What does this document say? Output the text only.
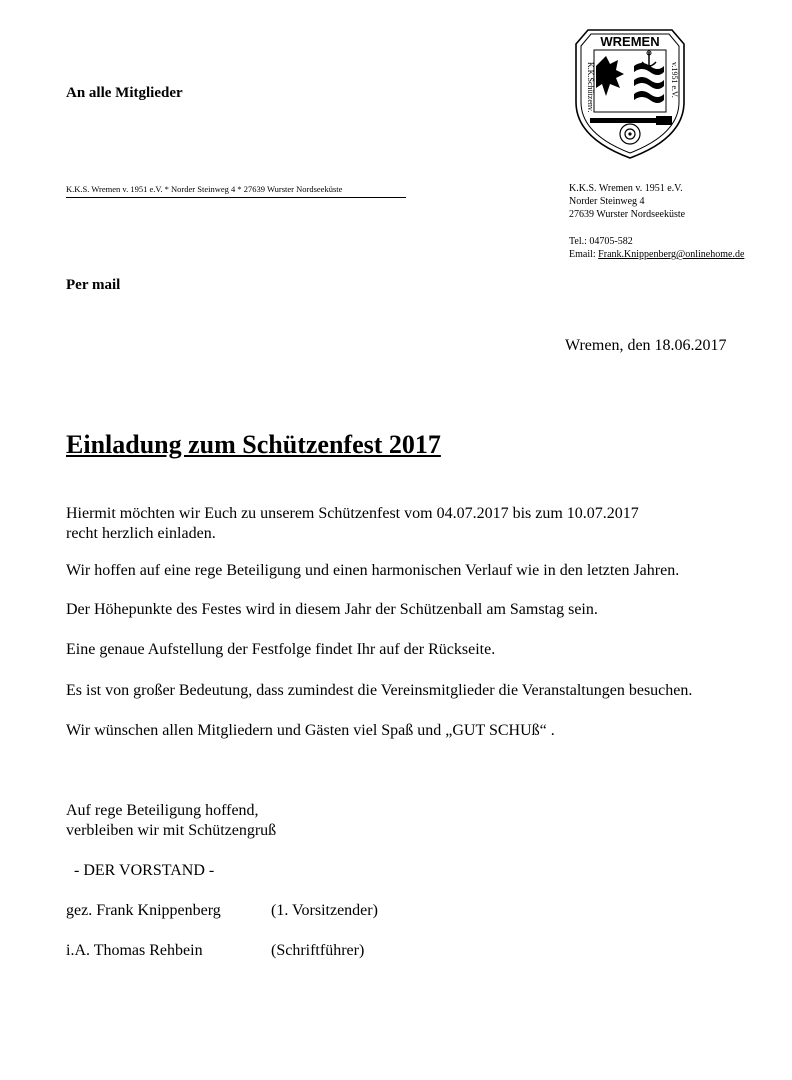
An alle Mitglieder
K.K.S. Wremen v. 1951 e.V. * Norder Steinweg 4 * 27639 Wurster Nordseeküste
WREMEN
K.K.Schützenv.	v.1951 e.V.
K.K.S. Wremen v. 1951 e.V.
Norder Steinweg 4
27639 Wurster Nordseeküste
Tel.: 04705-582
Email: Frank.Knippenberg@onlinehome.de
Per mail
Wremen, den 18.06.2017
Einladung zum Schützenfest 2017
Hiermit möchten wir Euch zu unserem Schützenfest vom 04.07.2017 bis zum 10.07.2017
recht herzlich einladen.
Wir hoffen auf eine rege Beteiligung und einen harmonischen Verlauf wie in den letzten Jahren.
Der Höhepunkte des Festes wird in diesem Jahr der Schützenball am Samstag sein.
Eine genaue Aufstellung der Festfolge findet Ihr auf der Rückseite.
Es ist von großer Bedeutung, dass zumindest die Vereinsmitglieder die Veranstaltungen besuchen.
Wir wünschen allen Mitgliedern und Gästen viel Spaß und „GUT SCHUß“ .
Auf rege Beteiligung hoffend,
verbleiben wir mit Schützengruß
- DER VORSTAND -
gez. Frank Knippenberg	(1. Vorsitzender)
i.A. Thomas Rehbein	(Schriftführer)
